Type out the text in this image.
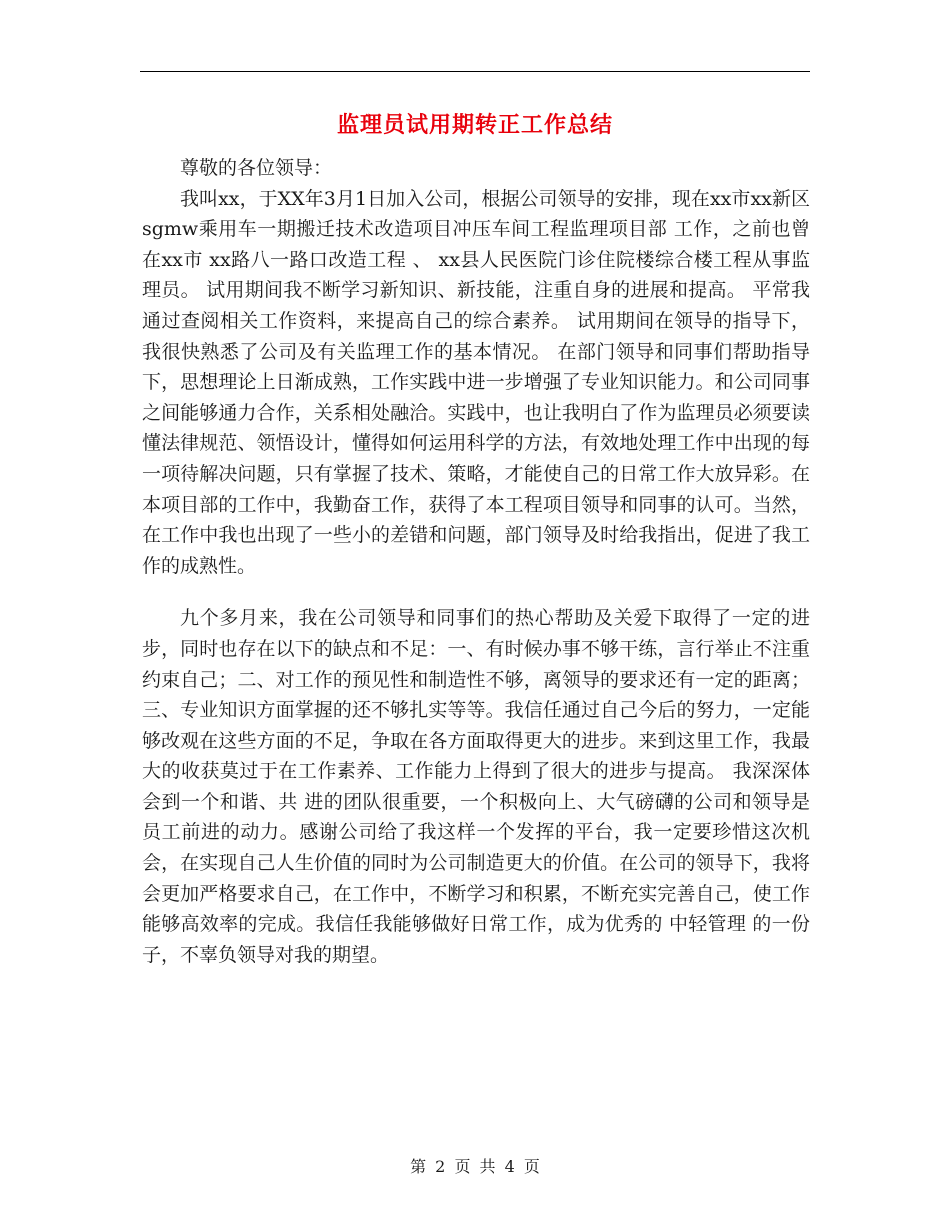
监理员试用期转正工作总结

尊敬的各位领导：

我叫xx，于XX年3月1日加入公司，根据公司领导的安排，现在xx市xx新区sgmw乘用车一期搬迁技术改造项目冲压车间工程监理项目部 工作，之前也曾在xx市 xx路八一路口改造工程 、 xx县人民医院门诊住院楼综合楼工程从事监理员。 试用期间我不断学习新知识、新技能，注重自身的进展和提高。 平常我通过查阅相关工作资料，来提高自己的综合素养。 试用期间在领导的指导下，我很快熟悉了公司及有关监理工作的基本情况。 在部门领导和同事们帮助指导下，思想理论上日渐成熟，工作实践中进一步增强了专业知识能力。和公司同事之间能够通力合作，关系相处融洽。实践中，也让我明白了作为监理员必须要读懂法律规范、领悟设计，懂得如何运用科学的方法，有效地处理工作中出现的每一项待解决问题，只有掌握了技术、策略，才能使自己的日常工作大放异彩。在本项目部的工作中，我勤奋工作，获得了本工程项目领导和同事的认可。当然，在工作中我也出现了一些小的差错和问题，部门领导及时给我指出，促进了我工作的成熟性。

九个多月来，我在公司领导和同事们的热心帮助及关爱下取得了一定的进步，同时也存在以下的缺点和不足：一、有时候办事不够干练，言行举止不注重约束自己；二、对工作的预见性和制造性不够，离领导的要求还有一定的距离；三、专业知识方面掌握的还不够扎实等等。我信任通过自己今后的努力，一定能够改观在这些方面的不足，争取在各方面取得更大的进步。来到这里工作，我最大的收获莫过于在工作素养、工作能力上得到了很大的进步与提高。 我深深体会到一个和谐、共 进的团队很重要，一个积极向上、大气磅礴的公司和领导是员工前进的动力。感谢公司给了我这样一个发挥的平台，我一定要珍惜这次机会，在实现自己人生价值的同时为公司制造更大的价值。在公司的领导下，我将会更加严格要求自己，在工作中，不断学习和积累，不断充实完善自己，使工作能够高效率的完成。我信任我能够做好日常工作，成为优秀的 中轻管理 的一份子，不辜负领导对我的期望。

第 2 页 共 4 页
